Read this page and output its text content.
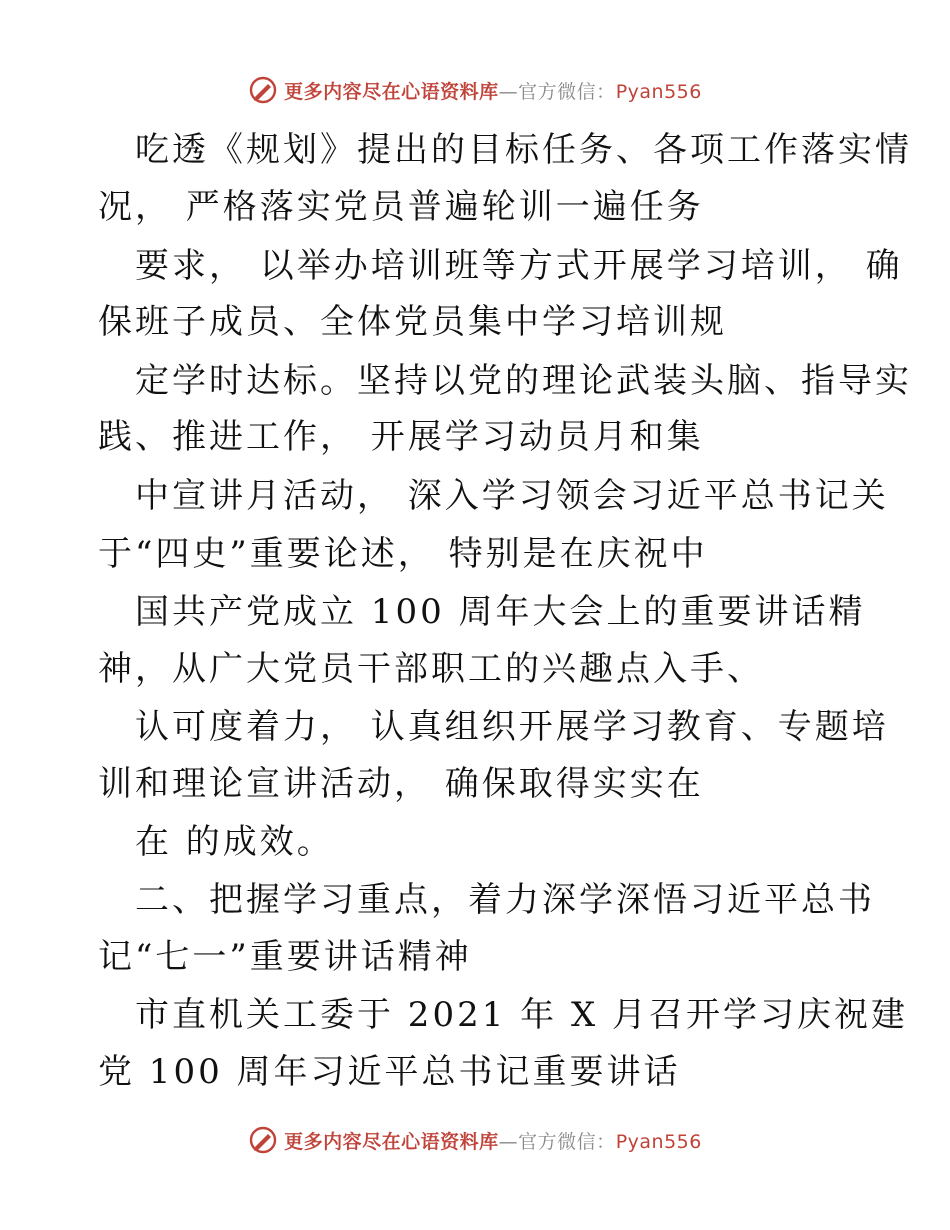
更多内容尽在心语资料库—官方微信：Pyan556
吃透《规划》提出的目标任务、各项工作落实情
况， 严格落实党员普遍轮训一遍任务
要求， 以举办培训班等方式开展学习培训， 确
保班子成员、全体党员集中学习培训规
定学时达标。坚持以党的理论武装头脑、指导实
践、推进工作， 开展学习动员月和集
中宣讲月活动， 深入学习领会习近平总书记关
于“四史”重要论述， 特别是在庆祝中
国共产党成立 100 周年大会上的重要讲话精
神，从广大党员干部职工的兴趣点入手、
认可度着力， 认真组织开展学习教育、专题培
训和理论宣讲活动， 确保取得实实在
在 的成效。
二、把握学习重点，着力深学深悟习近平总书
记“七一”重要讲话精神
市直机关工委于 2021 年 X 月召开学习庆祝建
党 100 周年习近平总书记重要讲话
更多内容尽在心语资料库—官方微信：Pyan556
